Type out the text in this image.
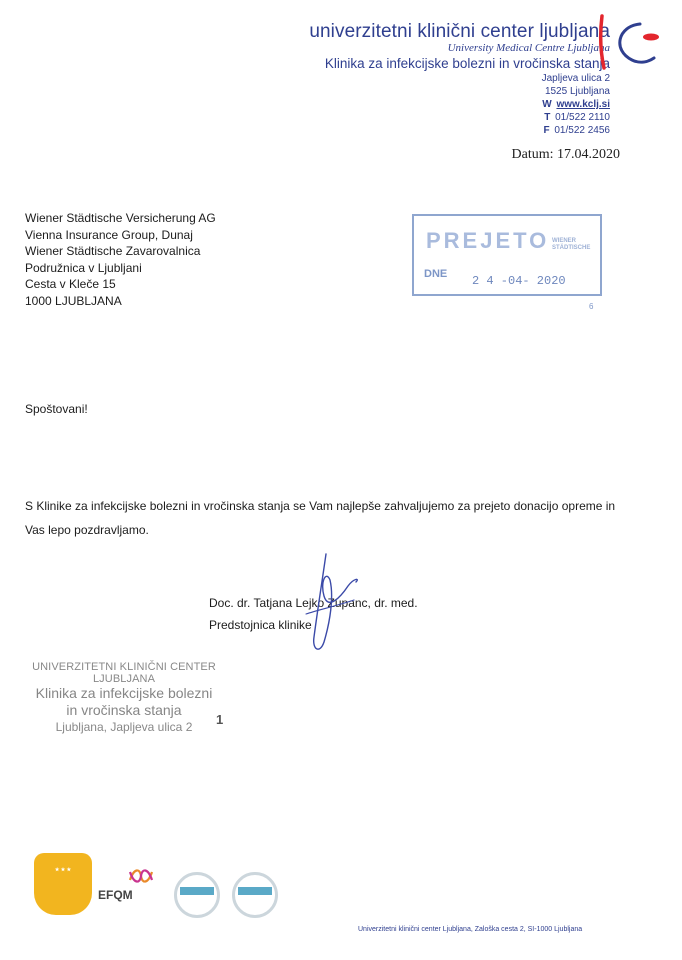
univerzitetni klinični center ljubljana
University Medical Centre Ljubljana
Klinika za infekcijske bolezni in vročinska stanja
Japljeva ulica 2
1525 Ljubljana
W www.kclj.si
T 01/522 2110
F 01/522 2456
Datum: 17.04.2020
Wiener Städtische Versicherung AG
Vienna Insurance Group, Dunaj
Wiener Städtische Zavarovalnica
Podružnica v Ljubljani
Cesta v Kleče 15
1000 LJUBLJANA
PREJETO WIENER
STÄDTISCHE
DNE 2 4 -04- 2020
6
Spoštovani!
S Klinike za infekcijske bolezni in vročinska stanja se Vam najlepše zahvaljujemo za prejeto donacijo opreme in
Vas lepo pozdravljamo.
Doc. dr. Tatjana Lejko Zupanc, dr. med.
Predstojnica klinike
UNIVERZITETNI KLINIČNI CENTER LJUBLJANA
Klinika za infekcijske bolezni
in vročinska stanja
Ljubljana, Japljeva ulica 2	1
★ ★ ★
EFQM
Univerzitetni klinični center Ljubljana, Zaloška cesta 2, SI-1000 Ljubljana
